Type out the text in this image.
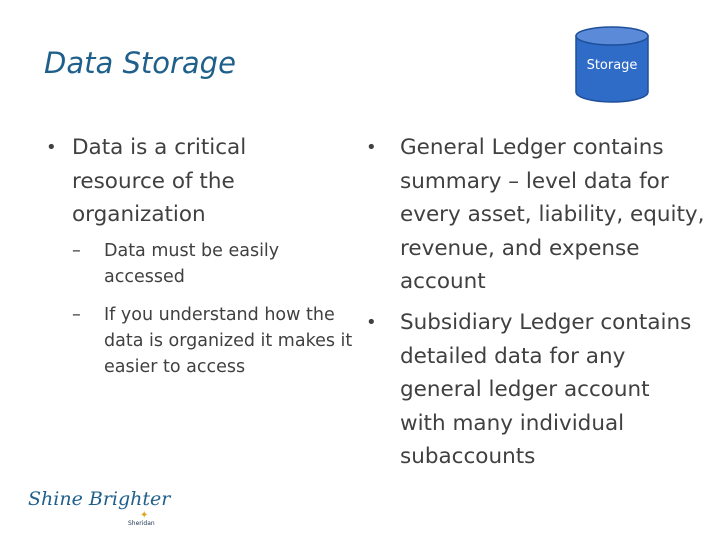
Data Storage	Storage
• Data is a critical resource of the organization
– Data must be easily accessed
– If you understand how the data is organized it makes it easier to access
• General Ledger contains summary – level data for every asset, liability, equity, revenue, and expense account
• Subsidiary Ledger contains detailed data for any general ledger account with many individual subaccounts
Shine Brighter
✦
Sheridan
